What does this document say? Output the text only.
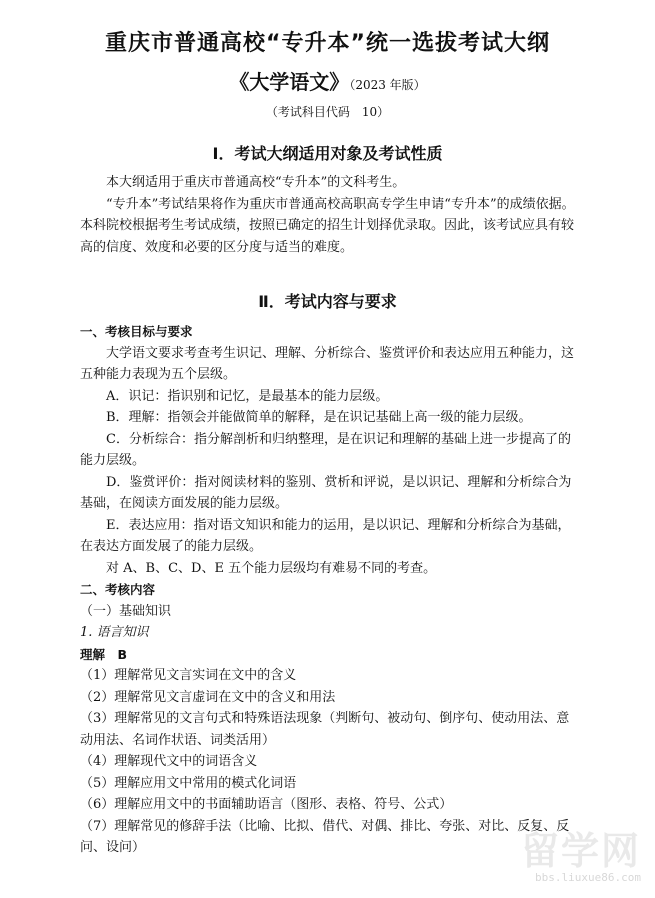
重庆市普通高校“专升本”统一选拔考试大纲
《大学语文》（2023 年版）
（考试科目代码　10）
Ⅰ．考试大纲适用对象及考试性质

本大纲适用于重庆市普通高校“专升本”的文科考生。

“专升本”考试结果将作为重庆市普通高校高职高专学生申请“专升本”的成绩依据。本科院校根据考生考试成绩，按照已确定的招生计划择优录取。因此，该考试应具有较高的信度、效度和必要的区分度与适当的难度。

Ⅱ．考试内容与要求

一、考核目标与要求

大学语文要求考查考生识记、理解、分析综合、鉴赏评价和表达应用五种能力，这五种能力表现为五个层级。

A．识记：指识别和记忆，是最基本的能力层级。

B．理解：指领会并能做简单的解释，是在识记基础上高一级的能力层级。

C．分析综合：指分解剖析和归纳整理，是在识记和理解的基础上进一步提高了的能力层级。

D．鉴赏评价：指对阅读材料的鉴别、赏析和评说，是以识记、理解和分析综合为基础，在阅读方面发展的能力层级。

E．表达应用：指对语文知识和能力的运用，是以识记、理解和分析综合为基础，在表达方面发展了的能力层级。

对 A、B、C、D、E 五个能力层级均有难易不同的考查。

二、考核内容

（一）基础知识

1. 语言知识

理解　B

（1）理解常见文言实词在文中的含义

（2）理解常见文言虚词在文中的含义和用法

（3）理解常见的文言句式和特殊语法现象（判断句、被动句、倒序句、使动用法、意动用法、名词作状语、词类活用）

（4）理解现代文中的词语含义

（5）理解应用文中常用的模式化词语

（6）理解应用文中的书面辅助语言（图形、表格、符号、公式）

（7）理解常见的修辞手法（比喻、比拟、借代、对偶、排比、夸张、对比、反复、反问、设问）	留学网
bbs.liuxue86.com
